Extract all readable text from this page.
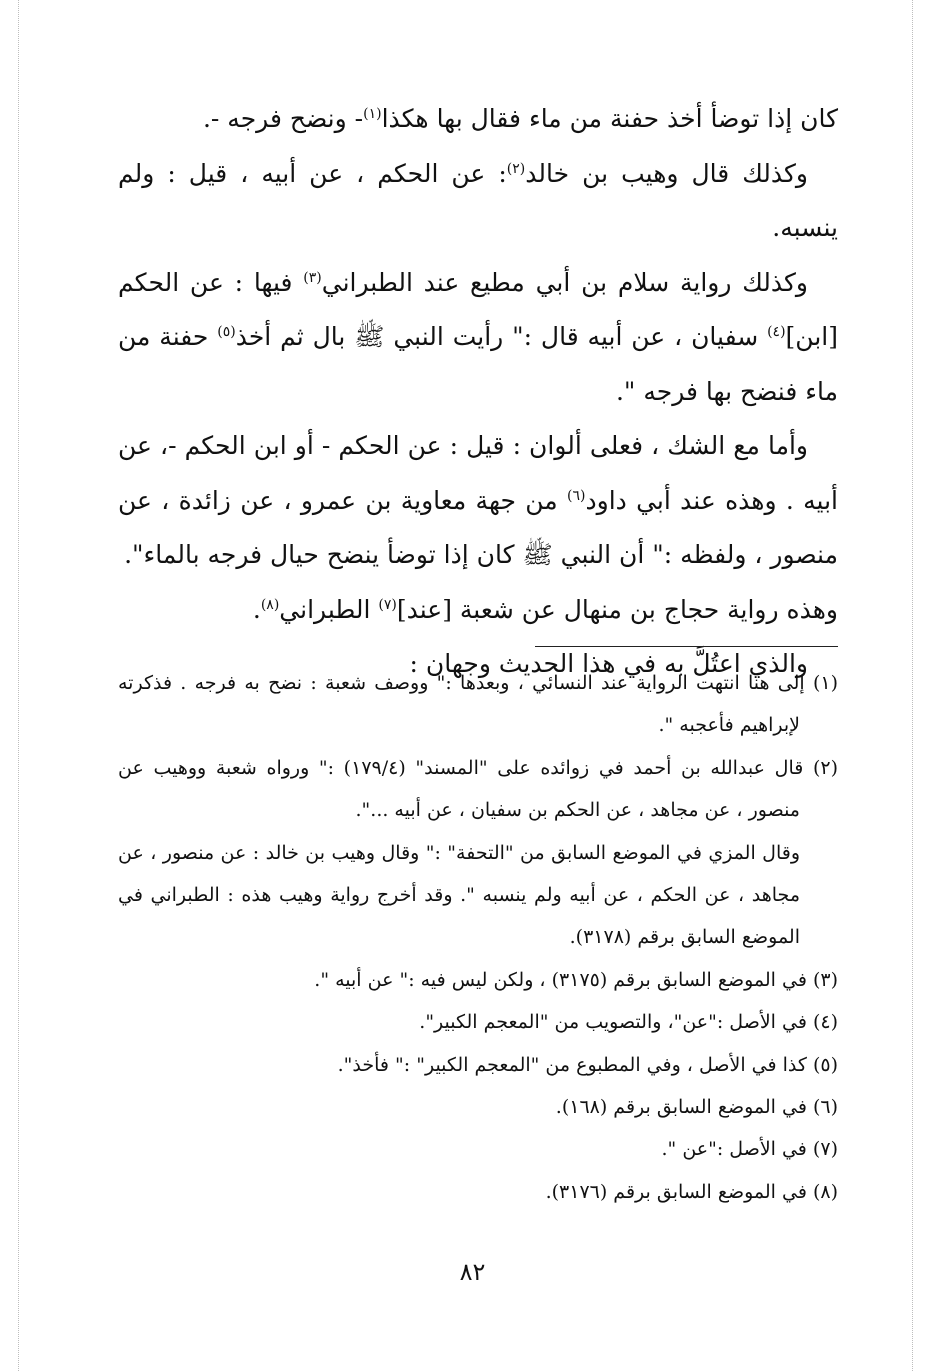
كان إذا توضأ أخذ حفنة من ماء فقال بها هكذا$^{(١)}$- ونضح فرجه -.

وكذلك قال وهيب بن خالد$^{(٢)}$: عن الحكم ، عن أبيه ، قيل : ولم ينسبه.

وكذلك رواية سلام بن أبي مطيع عند الطبراني$^{(٣)}$ فيها : عن الحكم [ابن]$^{(٤)}$ سفيان ، عن أبيه قال :" رأيت النبي ﷺ بال ثم أخذ$^{(٥)}$ حفنة من ماء فنضح بها فرجه ".

وأما مع الشك ، فعلى ألوان : قيل : عن الحكم - أو ابن الحكم -، عن أبيه . وهذه عند أبي داود$^{(٦)}$ من جهة معاوية بن عمرو ، عن زائدة ، عن منصور ، ولفظه :" أن النبي ﷺ كان إذا توضأ ينضح حيال فرجه بالماء".

وهذه رواية حجاج بن منهال عن شعبة [عند]$^{(٧)}$ الطبراني$^{(٨)}$.

والذي اعتُلَّ به في هذا الحديث وجهان :

(١) إلى هنا انتهت الرواية عند النسائي ، وبعدها :" ووصف شعبة : نضح به فرجه . فذكرته لإبراهيم فأعجبه ".

(٢) قال عبدالله بن أحمد في زوائده على "المسند" (١٧٩/٤) :" ورواه شعبة ووهيب عن منصور ، عن مجاهد ، عن الحكم بن سفيان ، عن أبيه ...".

وقال المزي في الموضع السابق من "التحفة" :" وقال وهيب بن خالد : عن منصور ، عن مجاهد ، عن الحكم ، عن أبيه ولم ينسبه ". وقد أخرج رواية وهيب هذه : الطبراني في الموضع السابق برقم (٣١٧٨).

(٣) في الموضع السابق برقم (٣١٧٥) ، ولكن ليس فيه :" عن أبيه ".

(٤) في الأصل :"عن"، والتصويب من "المعجم الكبير".

(٥) كذا في الأصل ، وفي المطبوع من "المعجم الكبير" :" فأخذ".

(٦) في الموضع السابق برقم (١٦٨).

(٧) في الأصل :"عن ".

(٨) في الموضع السابق برقم (٣١٧٦).

٨٢
